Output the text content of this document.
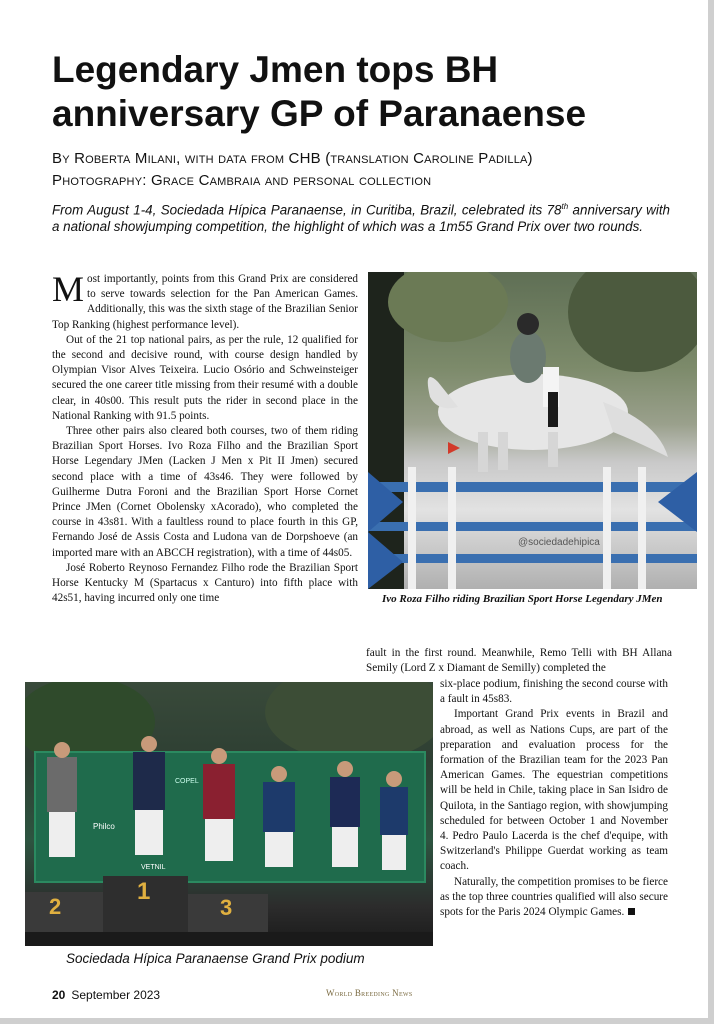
Legendary Jmen tops BH anniversary GP of Paranaense
By Roberta Milani, with data from CHB (translation Caroline Padilla)
Photography: Grace Cambraia and personal collection
From August 1-4, Sociedada Hípica Paranaense, in Curitiba, Brazil, celebrated its 78th anniversary with a national showjumping competition, the highlight of which was a 1m55 Grand Prix over two rounds.

Most importantly, points from this Grand Prix are considered to serve towards selection for the Pan American Games. Additionally, this was the sixth stage of the Brazilian Senior Top Ranking (highest performance level).

Out of the 21 top national pairs, as per the rule, 12 qualified for the second and decisive round, with course design handled by Olympian Visor Alves Teixeira. Lucio Osório and Schweinsteiger secured the one career title missing from their resumé with a double clear, in 40s00. This result puts the rider in second place in the National Ranking with 91.5 points.

Three other pairs also cleared both courses, two of them riding Brazilian Sport Horses. Ivo Roza Filho and the Brazilian Sport Horse Legendary JMen (Lacken J Men x Pit II Jmen) secured second place with a time of 43s46. They were followed by Guilherme Dutra Foroni and the Brazilian Sport Horse Cornet Prince JMen (Cornet Obolensky xAcorado), who completed the course in 43s81. With a faultless round to place fourth in this GP, Fernando José de Assis Costa and Ludona van de Dorpshoeve (an imported mare with an ABCCH registration), with a time of 44s05.

José Roberto Reynoso Fernandez Filho rode the Brazilian Sport Horse Kentucky M (Spartacus x Canturo) into fifth place with 42s51, having incurred only one time

@sociedadehipica
Ivo Roza Filho riding Brazilian Sport Horse Legendary JMen

fault in the first round. Meanwhile, Remo Telli with BH Allana Semily (Lord Z x Diamant de Semilly) completed the

six-place podium, finishing the second course with a fault in 45s83.

Important Grand Prix events in Brazil and abroad, as well as Nations Cups, are part of the preparation and evaluation process for the formation of the Brazilian team for the 2023 Pan American Games. The equestrian competitions will be held in Chile, taking place in San Isidro de Quilota, in the Santiago region, with showjumping scheduled for between October 1 and November 4. Pedro Paulo Lacerda is the chef d'equipe, with Switzerland's Philippe Guerdat working as team coach.

Naturally, the competition promises to be fierce as the top three countries qualified will also secure spots for the Paris 2024 Olympic Games.

2
1
3
COPEL
Philco
VETNIL
Sociedada Hípica Paranaense Grand Prix podium
20 September 2023	World Breeding News
